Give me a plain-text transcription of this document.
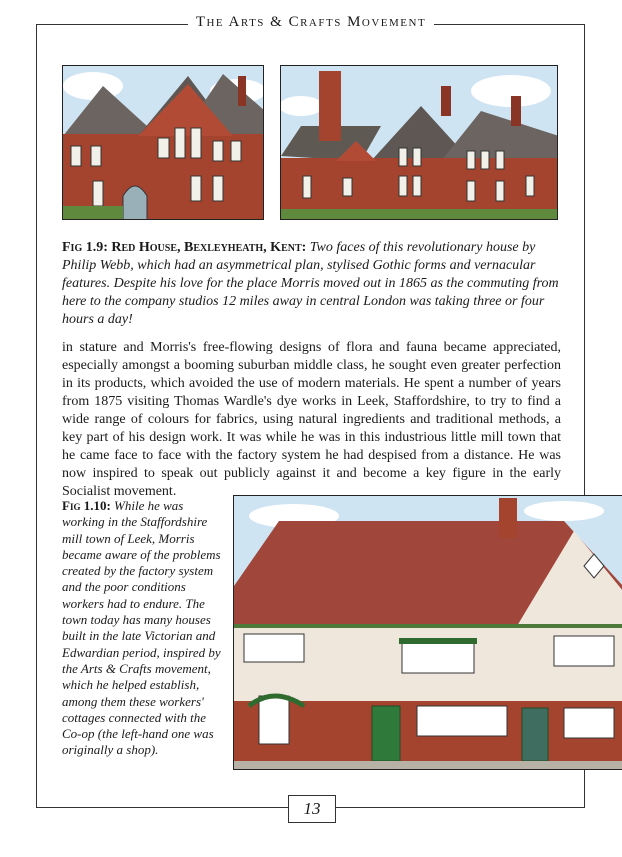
The Arts & Crafts Movement
Fig 1.9: Red House, Bexleyheath, Kent: Two faces of this revolutionary house by Philip Webb, which had an asymmetrical plan, stylised Gothic forms and vernacular features. Despite his love for the place Morris moved out in 1865 as the commuting from here to the company studios 12 miles away in central London was taking three or four hours a day!
in stature and Morris's free-flowing designs of flora and fauna became appreciated, especially amongst a booming suburban middle class, he sought even greater perfection in its products, which avoided the use of modern materials. He spent a number of years from 1875 visiting Thomas Wardle's dye works in Leek, Staffordshire, to try to find a wide range of colours for fabrics, using natural ingredients and traditional methods, a key part of his design work. It was while he was in this industrious little mill town that he came face to face with the factory system he had despised from a distance. He was now inspired to speak out publicly against it and become a key figure in the early Socialist movement.
Fig 1.10: While he was working in the Staffordshire mill town of Leek, Morris became aware of the problems created by the factory system and the poor conditions workers had to endure. The town today has many houses built in the late Victorian and Edwardian period, inspired by the Arts & Crafts movement, which he helped establish, among them these workers' cottages connected with the Co-op (the left-hand one was originally a shop).
13
